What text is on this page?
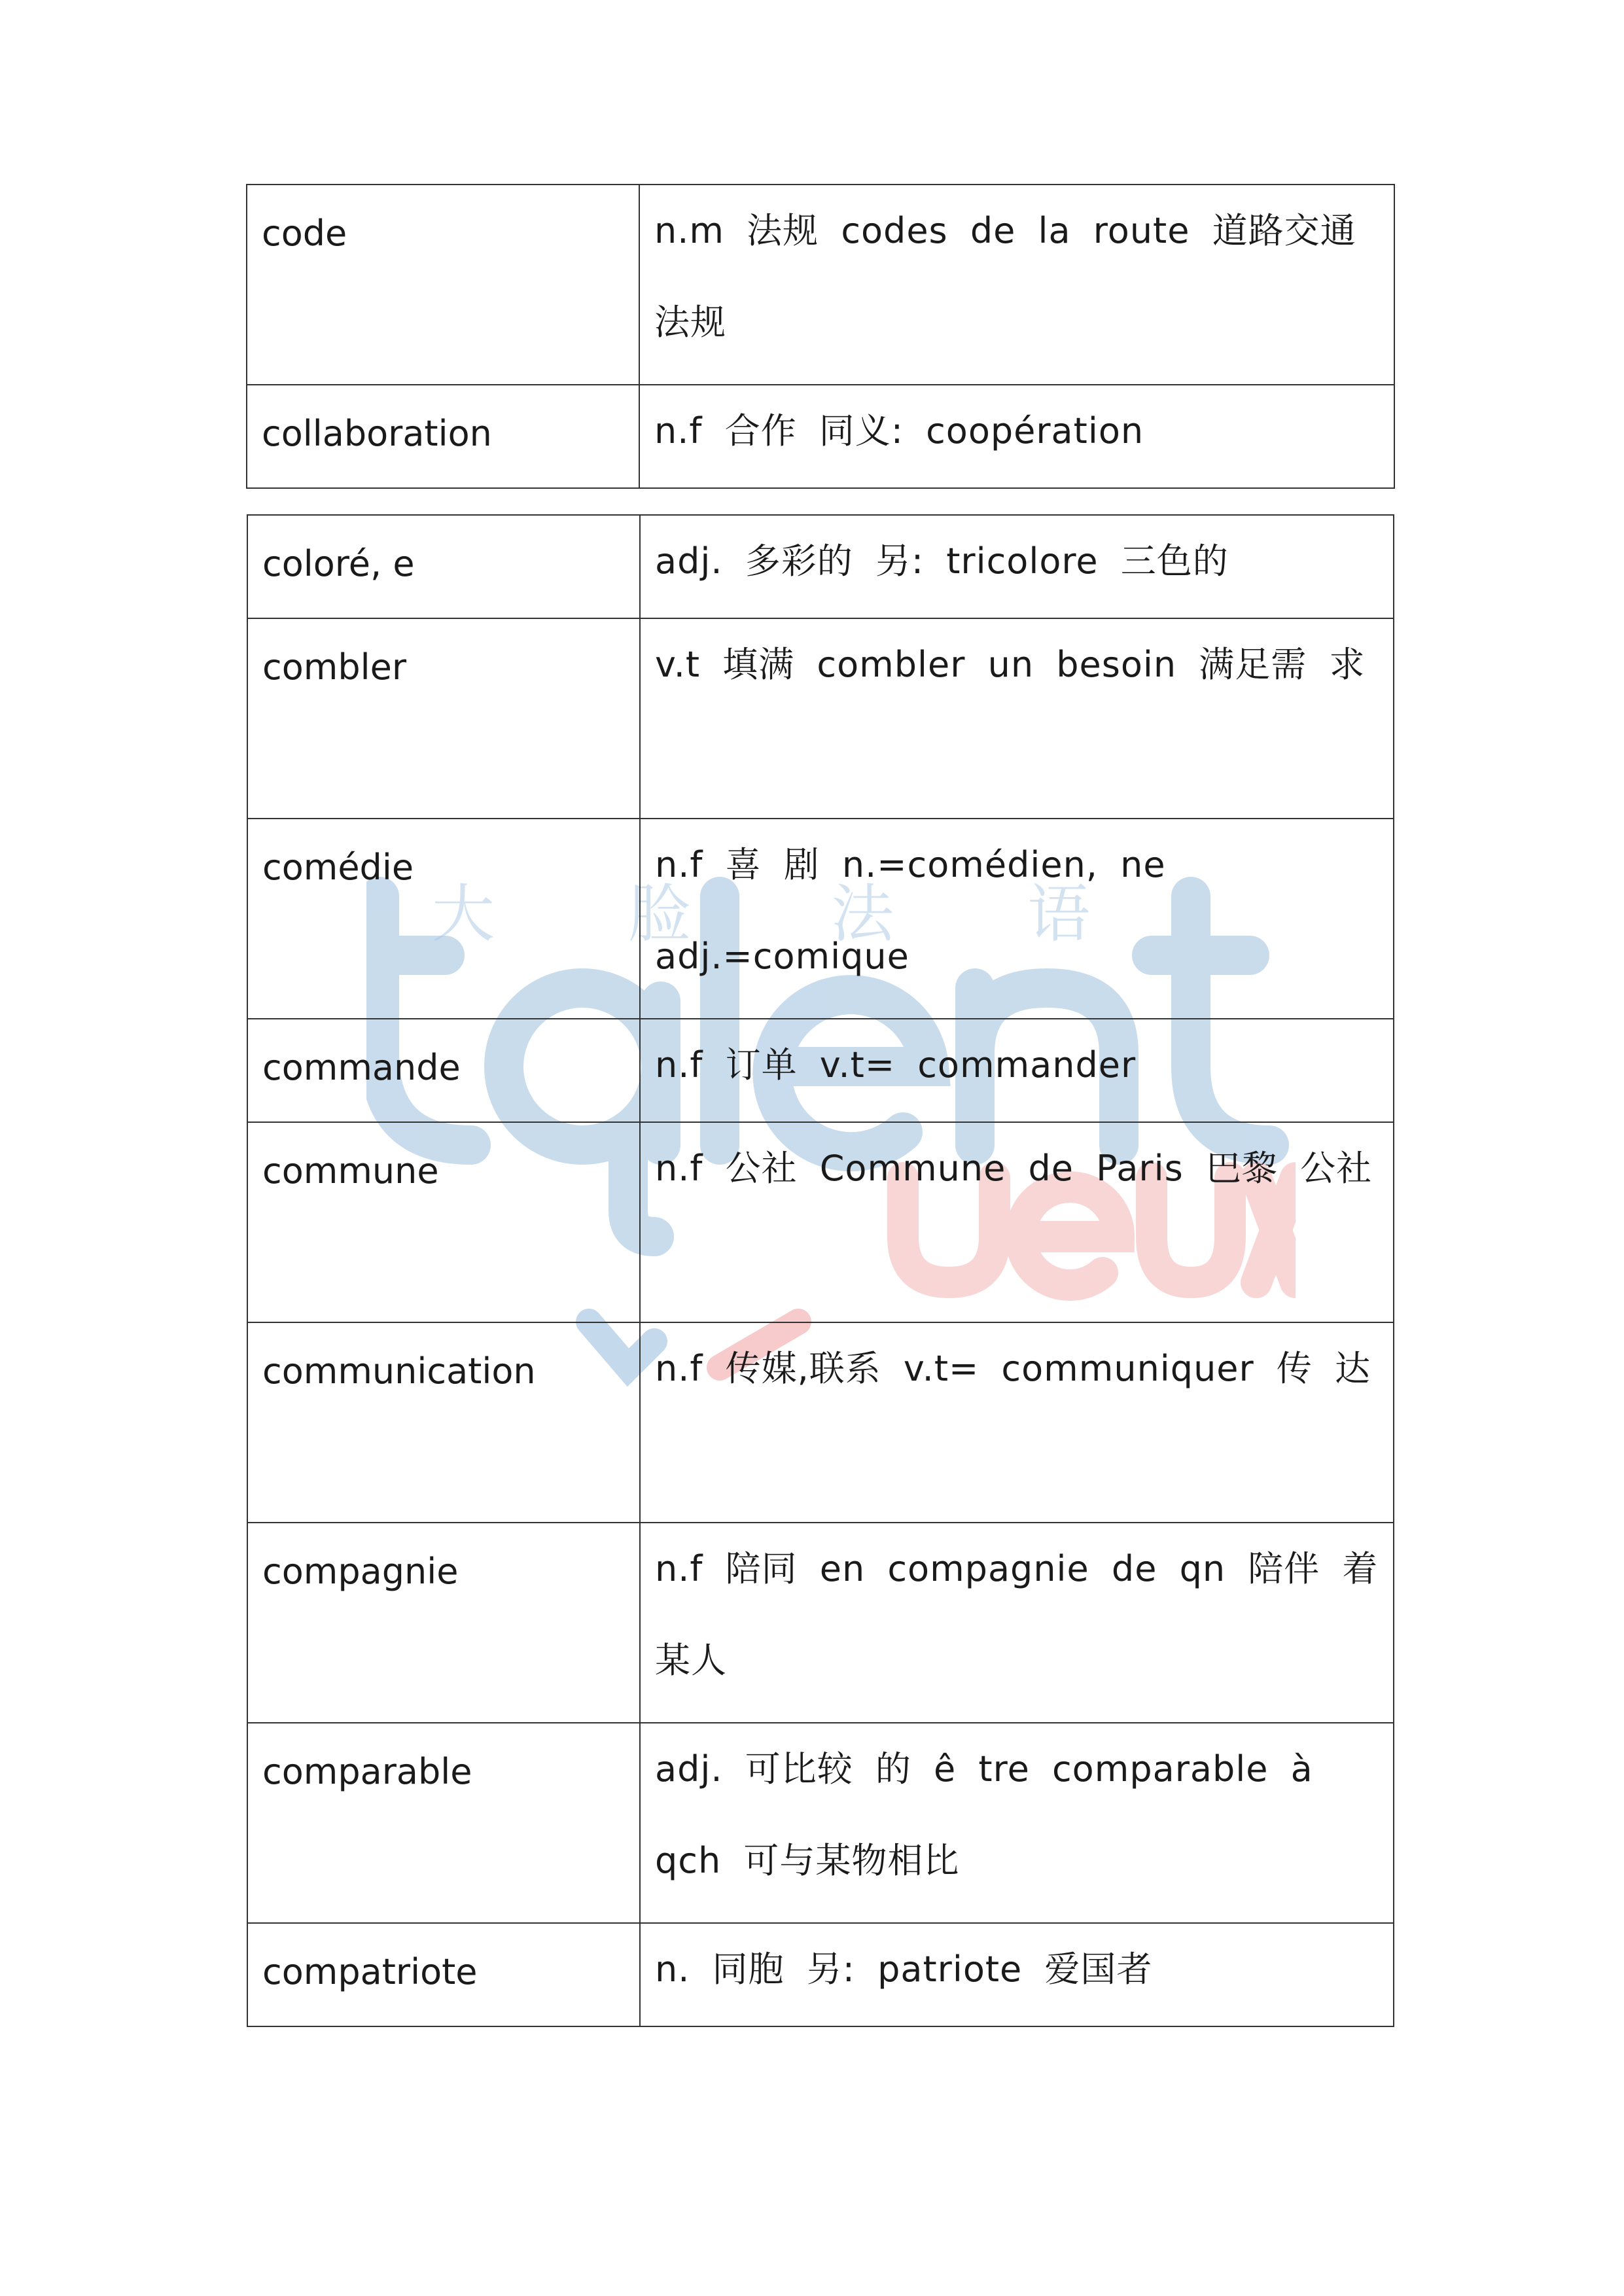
大 脸 法 语
code	n.m 法规 codes de la route 道路交通 法规

collaboration	n.f 合作 同义: coopération
coloré, e	adj. 多彩的 另: tricolore 三色的

combler	v.t 填满 combler un besoin 满足需 求

comédie	n.f 喜 剧 n.=comédien, ne adj.=comique

commande	n.f 订单 v.t= commander

commune	n.f 公社 Commune de Paris 巴黎 公社

communication	n.f 传媒,联系 v.t= communiquer 传 达

compagnie	n.f 陪同 en compagnie de qn 陪伴 着某人

comparable	adj. 可比较 的 ê tre comparable à qch 可与某物相比

compatriote	n. 同胞 另: patriote 爱国者
